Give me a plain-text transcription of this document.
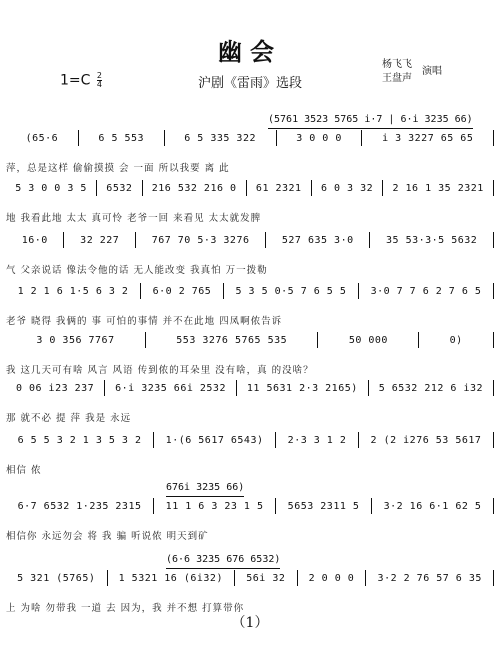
幽会
$1=C \frac{2}{4}$	沪剧《雷雨》选段
杨飞飞
王盘声
演唱
(5761 3523 5765 i·7 | 6·i 3235 66)
(65·6	6 5 553	6 5 335 322	3 0 0 0	i 3 3227 65 65
萍，总是这样 偷偷摸摸 会 一面 所以我要 离 此
5 3 0 0 3 5	6532	216 532 216 0	61 2321	6 0 3 32	2 16 1 35 2321
地 我看此地 太太 真可怜 老爷一回 来看见 太太就发脾
16·0	32 227	767 70 5·3 3276	527 635 3·0	35 53·3·5 5632
气 父亲说话 像法令他的话 无人能改变 我真怕 万一拨勒
1 2 1 6 1·5 6 3 2	6·0 2 765	5 3 5 0·5 7 6 5 5	3·0 7 7 6 2 7 6 5
老爷 晓得 我俩的 事 可怕的事情 并不在此地 四凤啊侬告诉
3 0 356 7767	553 3276 5765 535	50 000	0)
我 这几天可有啥 风言 风语 传到侬的耳朵里 没有啥，真 的没啥？
0 06 i23 237	6·i 3235 66i 2532	11 5631 2·3 2165)	5 6532 212 6 i32
那 就不必 提 萍 我是 永远
6 5 5 3 2 1 3 5 3 2	1·(6 5617 6543)	2·3 3 1 2	2 (2 i276 53 5617
相信 侬
676i 3235 66)
6·7 6532 1·235 2315	11 1 6 3 23 1 5	5653 2311 5	3·2 16 6·1 62 5
相信你 永远勿会 将 我 骗 听说侬 明天到矿
(6·6 3235 676 6532)
5 321 (5765)	1 5321 16 (6i32)	56i 32	2 0 0 0	3·2 2 76 57 6 35
上 为啥 勿带我 一道 去 因为，我 并不想 打算带你
（1）
